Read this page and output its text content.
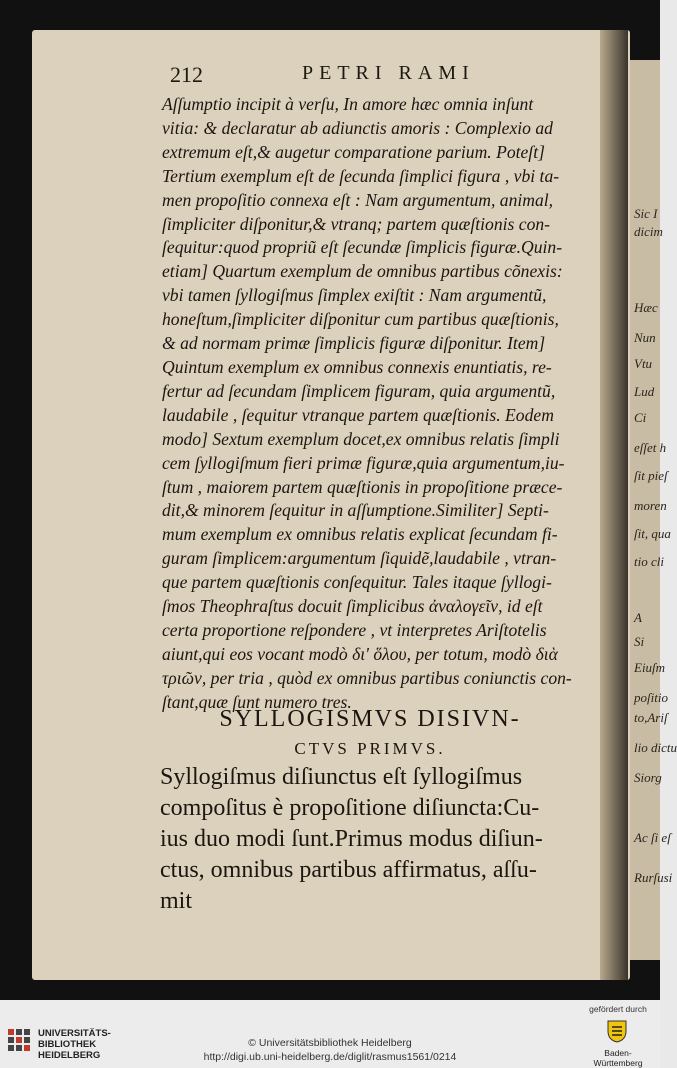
Sic I
dicim
Hæc
Nun
Vtu
Lud
Ci
eſſet h
ſit pieſ
moren
ſit, qua
tio cli
A
Si
Eiuſm
poſitio
to,Ariſ
lio dictu
Siorg
Ac ſi eſ
Rurſusi
212	PETRI RAMI
Aſſumptio incipit à verſu, In amore hæc omnia inſunt
vitia: & declaratur ab adiunctis amoris : Complexio ad
extremum eſt,& augetur comparatione parium. Poteſt]
Tertium exemplum eſt de ſecunda ſimplici figura , vbi ta-
men propoſitio connexa eſt : Nam argumentum, animal,
ſimpliciter diſponitur,& vtranq; partem quæſtionis con-
ſequitur:quod propriũ eſt ſecundæ ſimplicis figuræ.Quin-
etiam] Quartum exemplum de omnibus partibus cõnexis:
vbi tamen ſyllogiſmus ſimplex exiſtit : Nam argumentũ,
honeſtum,ſimpliciter diſponitur cum partibus quæſtionis,
& ad normam primæ ſimplicis figuræ diſponitur. Item]
Quintum exemplum ex omnibus connexis enuntiatis, re-
fertur ad ſecundam ſimplicem figuram, quia argumentũ,
laudabile , ſequitur vtranque partem quæſtionis. Eodem
modo] Sextum exemplum docet,ex omnibus relatis ſimpli
cem ſyllogiſmum fieri primæ figuræ,quia argumentum,iu-
ſtum , maiorem partem quæſtionis in propoſitione præce-
dit,& minorem ſequitur in aſſumptione.Similiter] Septi-
mum exemplum ex omnibus relatis explicat ſecundam fi-
guram ſimplicem:argumentum ſiquidẽ,laudabile , vtran-
que partem quæſtionis conſequitur. Tales itaque ſyllogi-
ſmos Theophraſtus docuit ſimplicibus ἀναλογεῖν, id eſt
certa proportione reſpondere , vt interpretes Ariſtotelis
aiunt,qui eos vocant modò δι' ὅλου, per totum, modò διὰ
τριῶν, per tria , quòd ex omnibus partibus coniunctis con-
ſtant,quæ ſunt numero tres.
SYLLOGISMVS DISIVN-
CTVS PRIMVS.
Syllogiſmus diſiunctus eſt ſyllogiſmus
compoſitus è propoſitione diſiuncta:Cu-
ius duo modi ſunt.Primus modus diſiun-
ctus, omnibus partibus affirmatus, aſſu-
mit
UNIVERSITÄTS-
BIBLIOTHEK
HEIDELBERG
© Universitätsbibliothek Heidelberg
http://digi.ub.uni-heidelberg.de/diglit/rasmus1561/0214
gefördert durch
Baden-Württemberg
